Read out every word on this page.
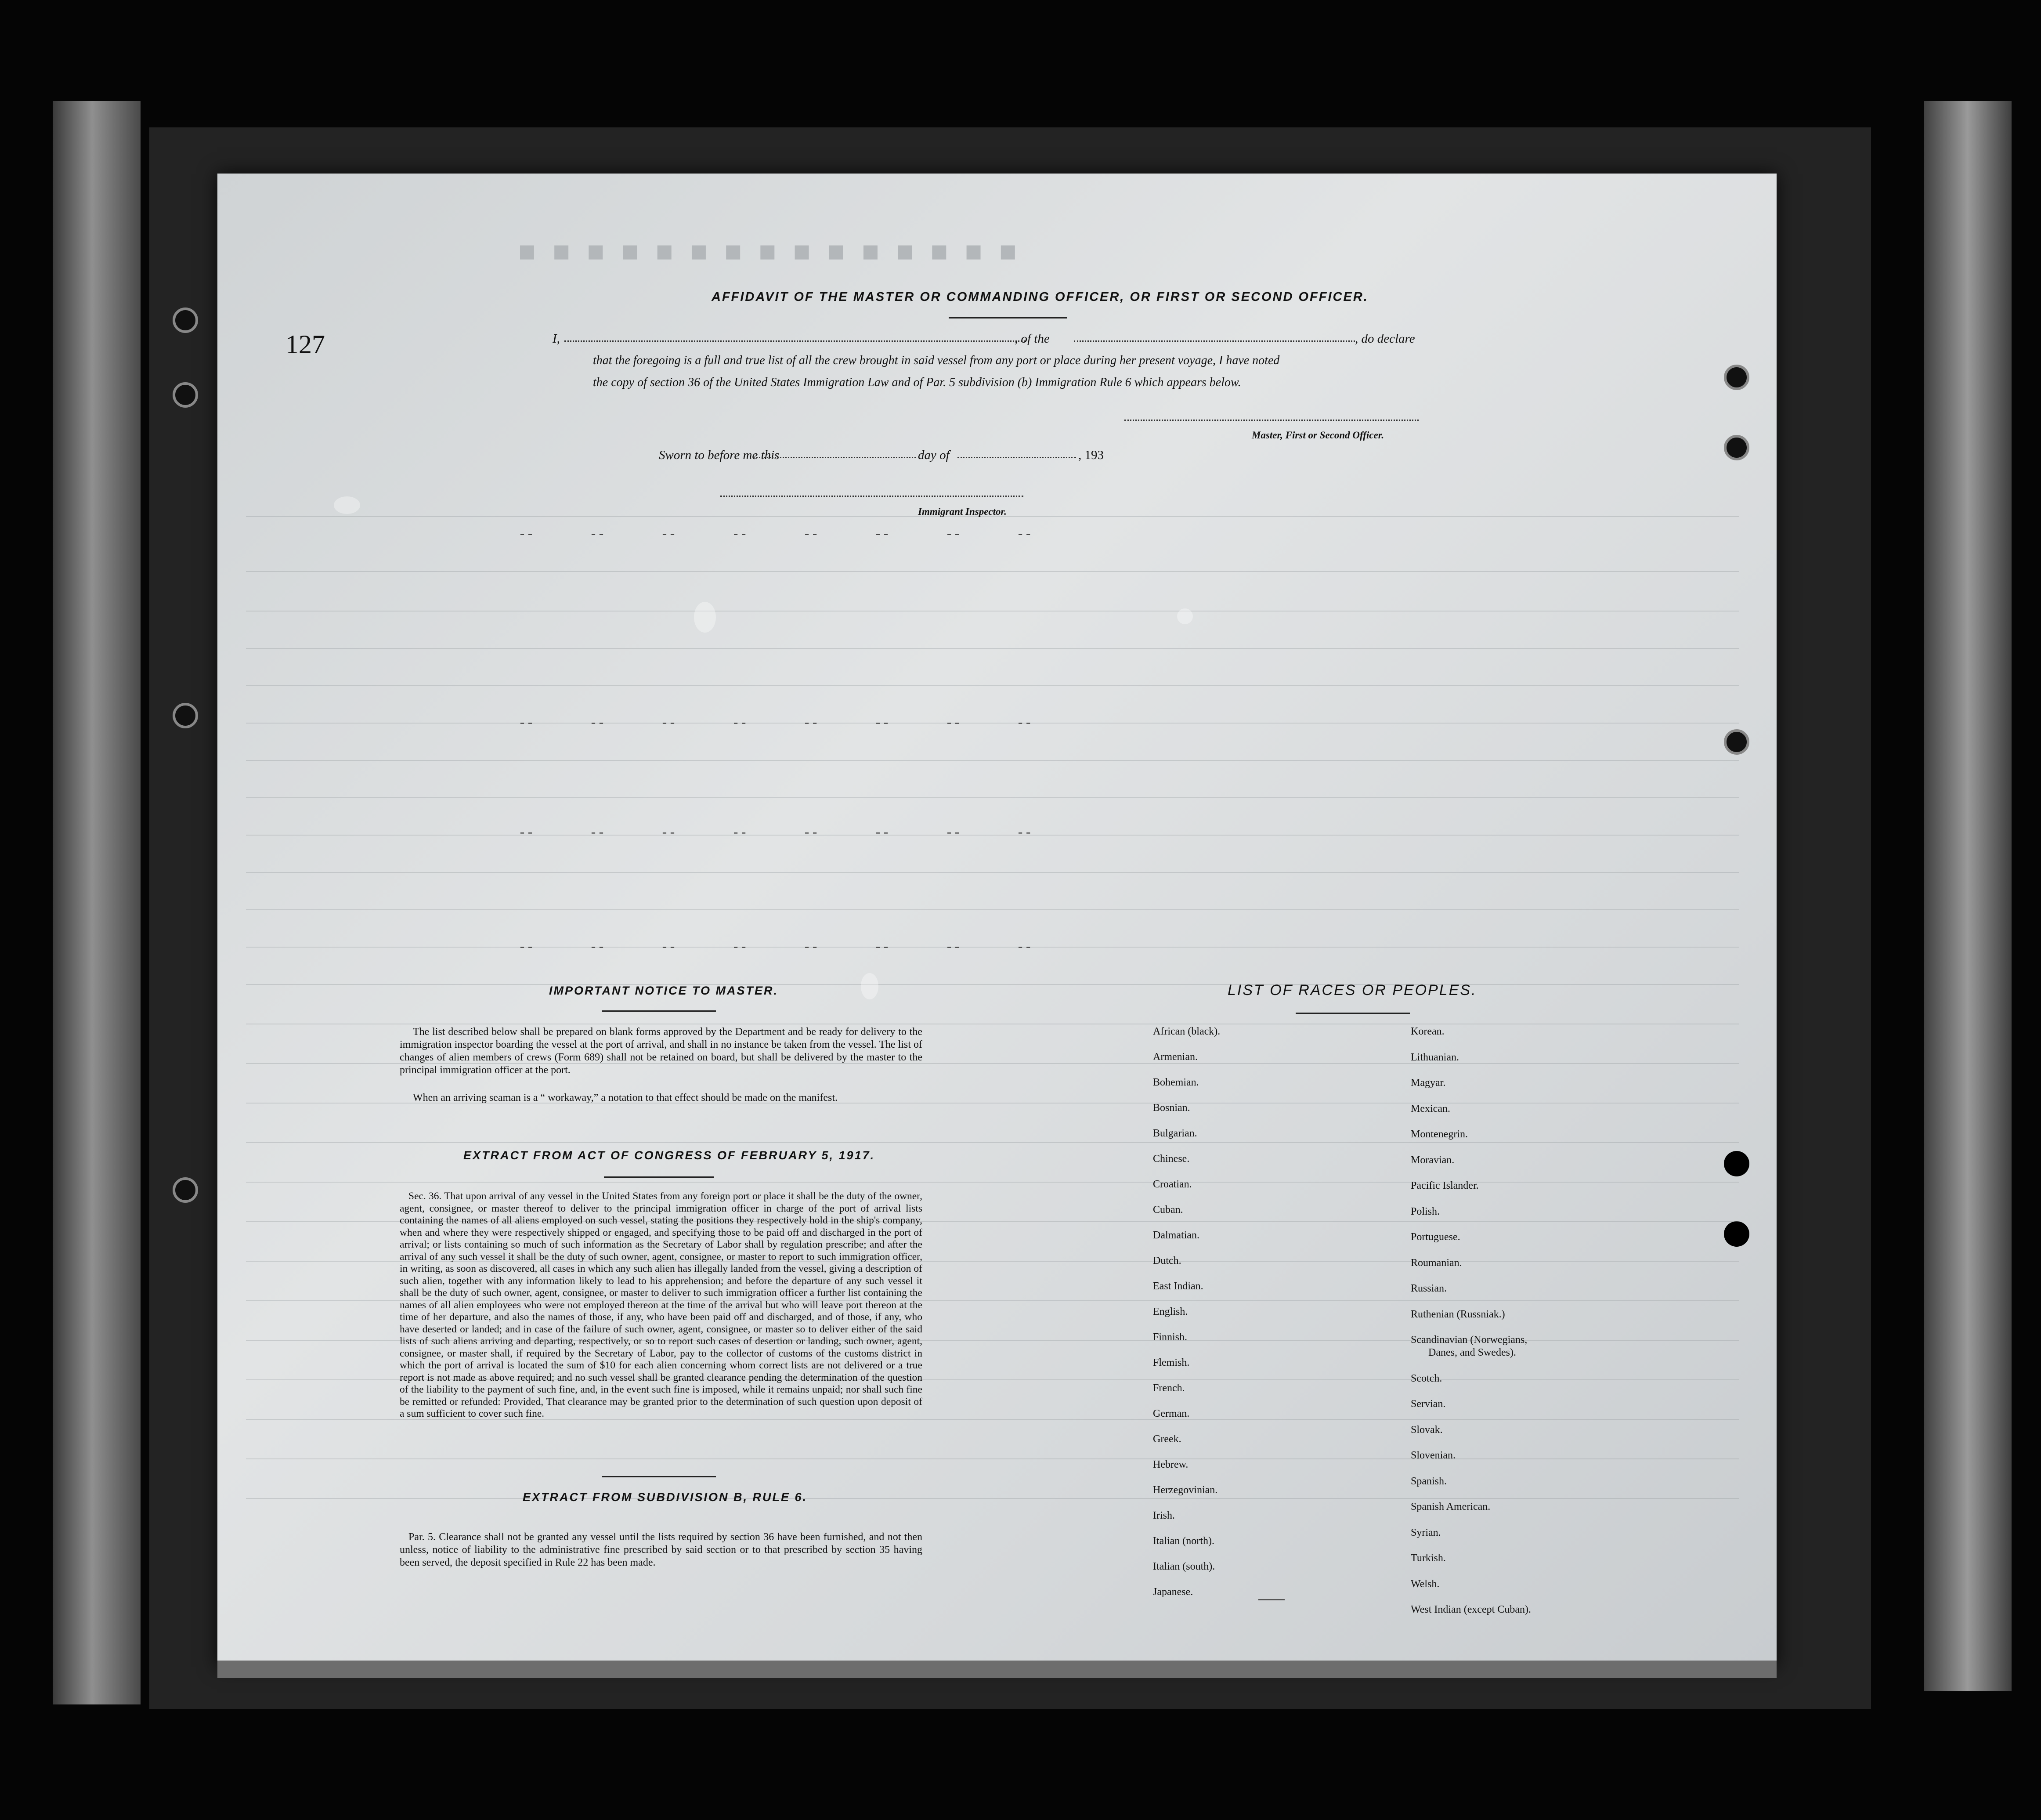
■ ■ ■ ■ ■ ■ ■ ■ ■ ■ ■ ■ ■ ■ ■
--       --       --       --       --       --       --       --
--       --       --       --       --       --       --       --
--       --       --       --       --       --       --       --
--       --       --       --       --       --       --       --
127
AFFIDAVIT OF THE MASTER OR COMMANDING OFFICER, OR FIRST OR SECOND OFFICER.
I,	, of the	, do declare
that the foregoing is a full and true list of all the crew brought in said vessel from any port or place during her present voyage, I have noted
the copy of section 36 of the United States Immigration Law and of Par. 5 subdivision (b) Immigration Rule 6 which appears below.
Master, First or Second Officer.
Sworn to before me this	day of	, 193
Immigrant Inspector.
IMPORTANT NOTICE TO MASTER.
The list described below shall be prepared on blank forms approved by the Department and be ready for delivery to the immigration inspector boarding the vessel at the port of arrival, and shall in no instance be taken from the vessel. The list of changes of alien members of crews (Form 689) shall not be retained on board, but shall be delivered by the master to the principal immigration officer at the port.
When an arriving seaman is a “ workaway,” a notation to that effect should be made on the manifest.
EXTRACT FROM ACT OF CONGRESS OF FEBRUARY 5, 1917.
Sec. 36. That upon arrival of any vessel in the United States from any foreign port or place it shall be the duty of the owner, agent, consignee, or master thereof to deliver to the principal immigration officer in charge of the port of arrival lists containing the names of all aliens employed on such vessel, stating the positions they respectively hold in the ship's company, when and where they were respectively shipped or engaged, and specifying those to be paid off and discharged in the port of arrival; or lists containing so much of such information as the Secretary of Labor shall by regulation prescribe; and after the arrival of any such vessel it shall be the duty of such owner, agent, consignee, or master to report to such immigration officer, in writing, as soon as discovered, all cases in which any such alien has illegally landed from the vessel, giving a description of such alien, together with any information likely to lead to his apprehension; and before the departure of any such vessel it shall be the duty of such owner, agent, consignee, or master to deliver to such immigration officer a further list containing the names of all alien employees who were not employed thereon at the time of the arrival but who will leave port thereon at the time of her departure, and also the names of those, if any, who have been paid off and discharged, and of those, if any, who have deserted or landed; and in case of the failure of such owner, agent, consignee, or master so to deliver either of the said lists of such aliens arriving and departing, respectively, or so to report such cases of desertion or landing, such owner, agent, consignee, or master shall, if required by the Secretary of Labor, pay to the collector of customs of the customs district in which the port of arrival is located the sum of $10 for each alien concerning whom correct lists are not delivered or a true report is not made as above required; and no such vessel shall be granted clearance pending the determination of the question of the liability to the payment of such fine, and, in the event such fine is imposed, while it remains unpaid; nor shall such fine be remitted or refunded: Provided, That clearance may be granted prior to the determination of such question upon deposit of a sum sufficient to cover such fine.
EXTRACT FROM SUBDIVISION B, RULE 6.
Par. 5. Clearance shall not be granted any vessel until the lists required by section 36 have been furnished, and not then unless, notice of liability to the administrative fine prescribed by said section or to that prescribed by section 35 having been served, the deposit specified in Rule 22 has been made.
LIST OF RACES OR PEOPLES.
African (black).
Armenian.
Bohemian.
Bosnian.
Bulgarian.
Chinese.
Croatian.
Cuban.
Dalmatian.
Dutch.
East Indian.
English.
Finnish.
Flemish.
French.
German.
Greek.
Hebrew.
Herzegovinian.
Irish.
Italian (north).
Italian (south).
Japanese.
Korean.
Lithuanian.
Magyar.
Mexican.
Montenegrin.
Moravian.
Pacific Islander.
Polish.
Portuguese.
Roumanian.
Russian.
Ruthenian (Russniak.)
Scandinavian (Norwegians,
Danes, and Swedes).
Scotch.
Servian.
Slovak.
Slovenian.
Spanish.
Spanish American.
Syrian.
Turkish.
Welsh.
West Indian (except Cuban).
